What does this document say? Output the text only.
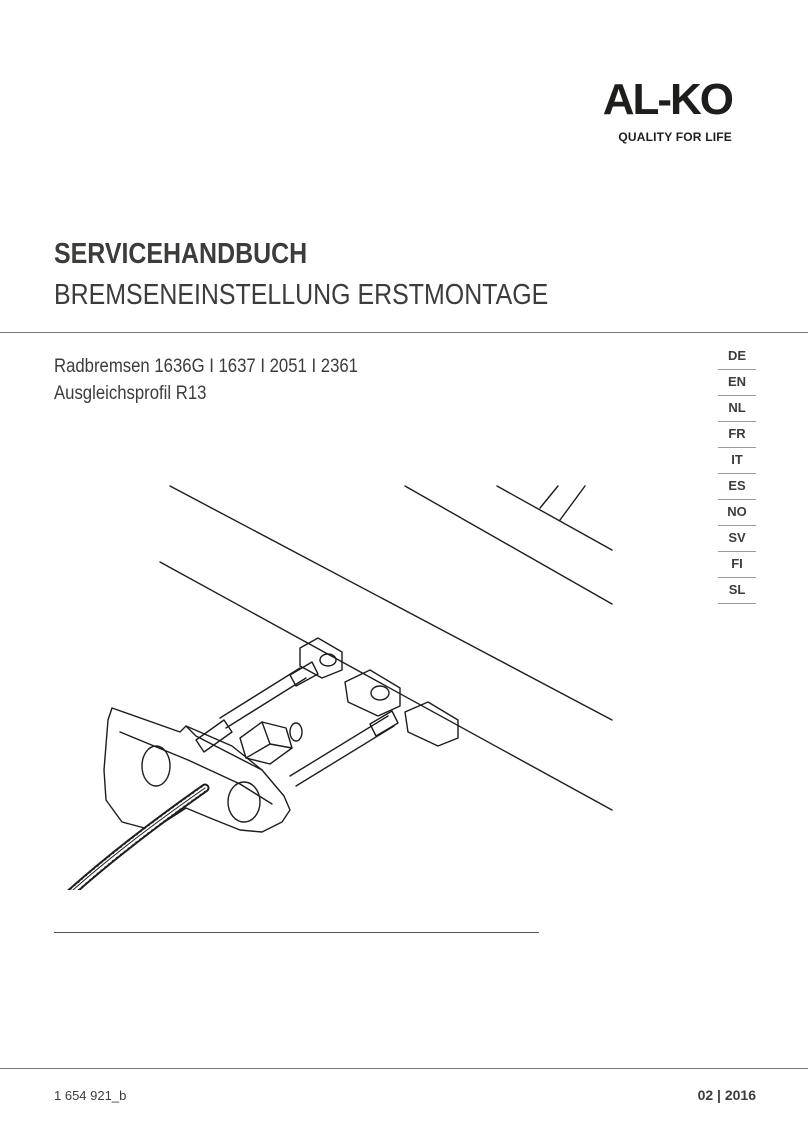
AL-KO
QUALITY FOR LIFE
SERVICEHANDBUCH
BREMSENEINSTELLUNG ERSTMONTAGE
Radbremsen 1636G I 1637 I 2051 I 2361
Ausgleichsprofil R13
DE
EN
NL
FR
IT
ES
NO
SV
FI
SL
1 654 921_b	02 | 2016
